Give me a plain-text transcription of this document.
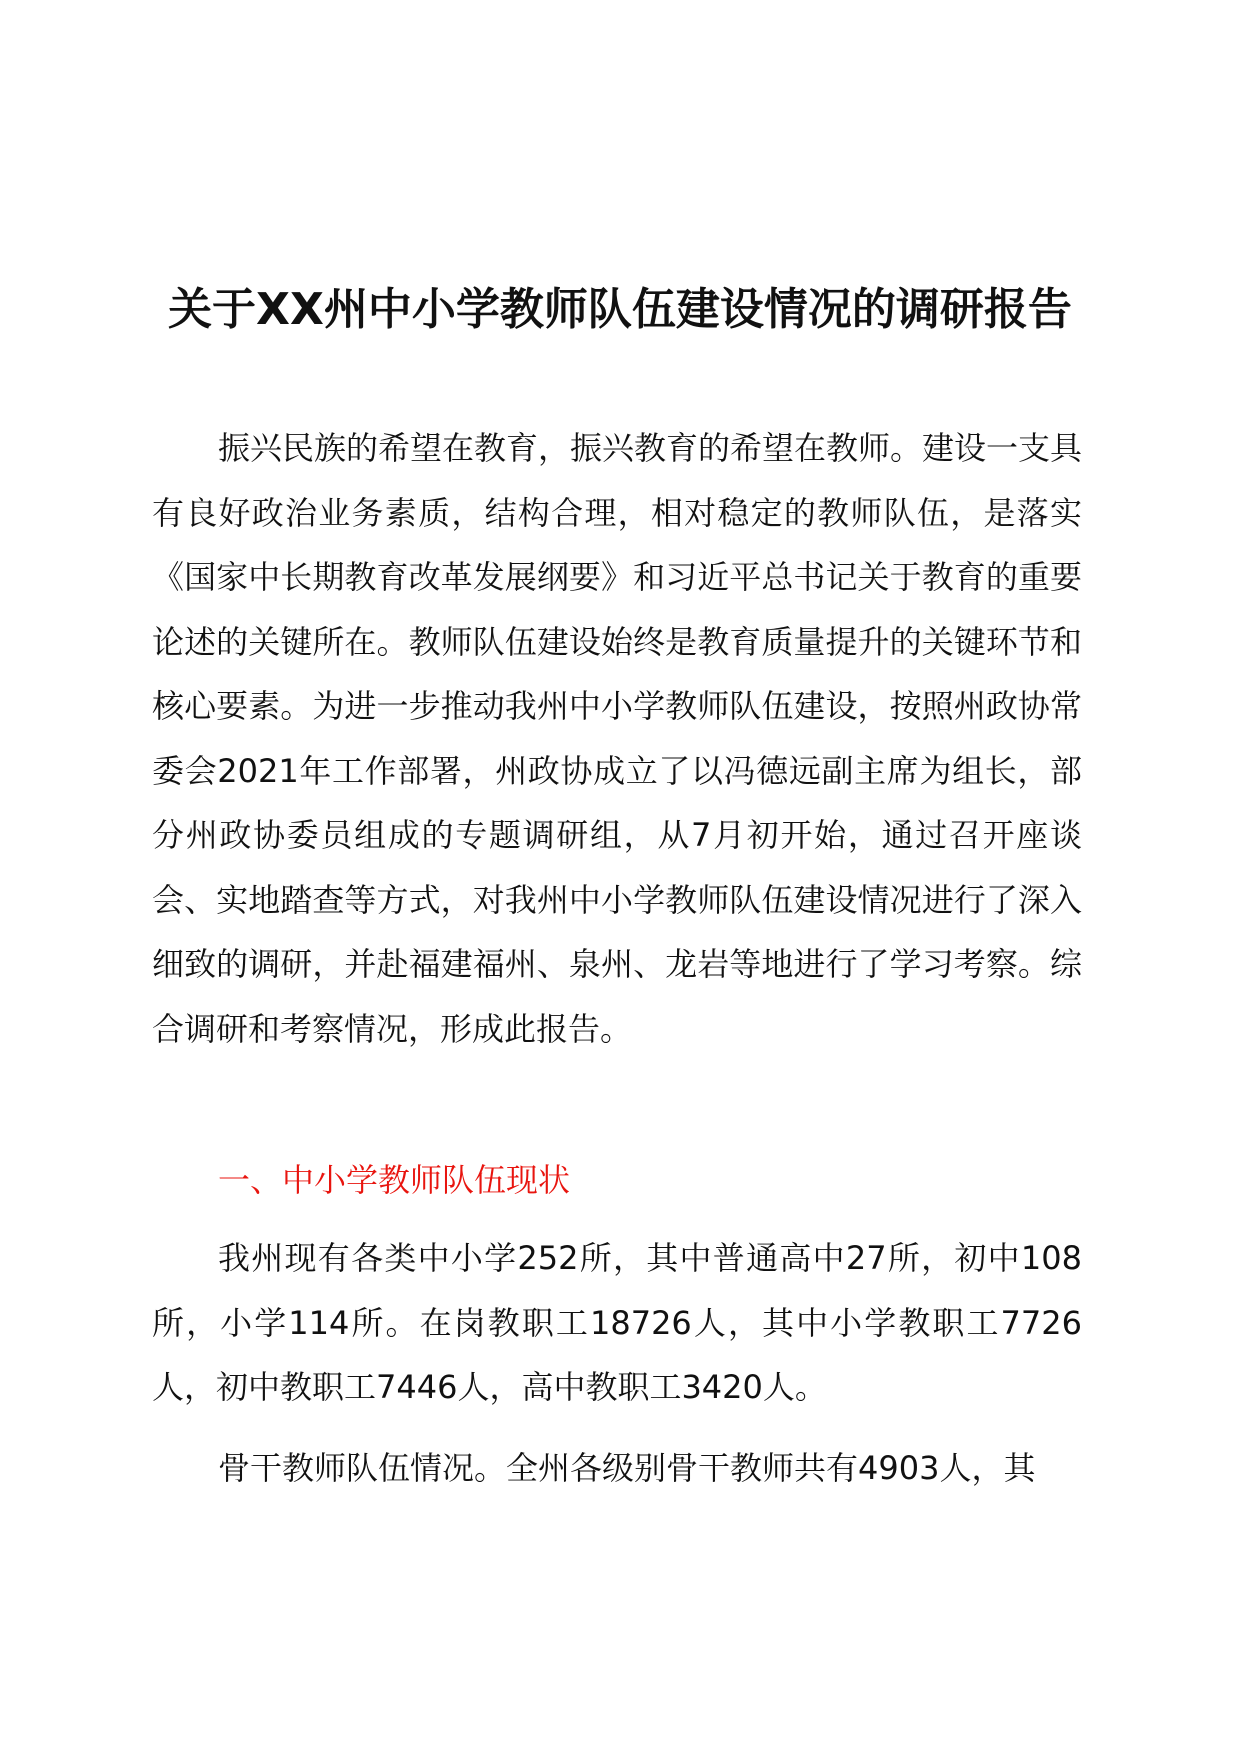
关于XX州中小学教师队伍建设情况的调研报告

振兴民族的希望在教育，振兴教育的希望在教师。建设一支具有良好政治业务素质，结构合理，相对稳定的教师队伍，是落实《国家中长期教育改革发展纲要》和习近平总书记关于教育的重要论述的关键所在。教师队伍建设始终是教育质量提升的关键环节和核心要素。为进一步推动我州中小学教师队伍建设，按照州政协常委会2021年工作部署，州政协成立了以冯德远副主席为组长，部分州政协委员组成的专题调研组，从7月初开始，通过召开座谈会、实地踏查等方式，对我州中小学教师队伍建设情况进行了深入细致的调研，并赴福建福州、泉州、龙岩等地进行了学习考察。综合调研和考察情况，形成此报告。

一、中小学教师队伍现状

我州现有各类中小学252所，其中普通高中27所，初中108所，小学114所。在岗教职工18726人，其中小学教职工7726人，初中教职工7446人，高中教职工3420人。

骨干教师队伍情况。全州各级别骨干教师共有4903人，其
